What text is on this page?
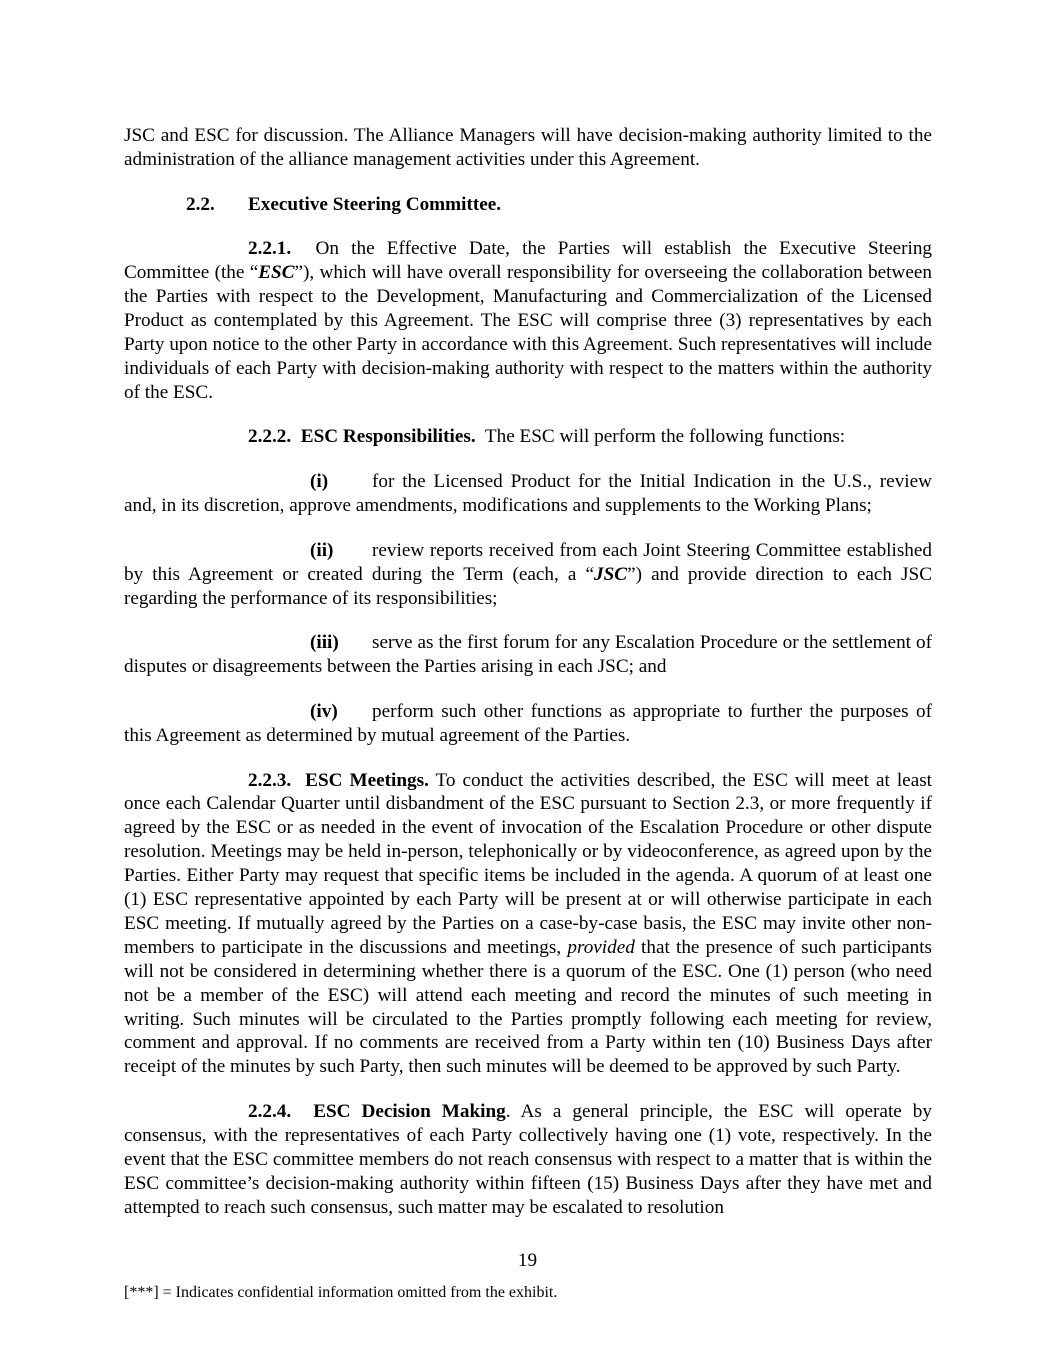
JSC and ESC for discussion. The Alliance Managers will have decision-making authority limited to the administration of the alliance management activities under this Agreement.

2.2. Executive Steering Committee.

2.2.1. On the Effective Date, the Parties will establish the Executive Steering Committee (the “ESC”), which will have overall responsibility for overseeing the collaboration between the Parties with respect to the Development, Manufacturing and Commercialization of the Licensed Product as contemplated by this Agreement. The ESC will comprise three (3) representatives by each Party upon notice to the other Party in accordance with this Agreement. Such representatives will include individuals of each Party with decision-making authority with respect to the matters within the authority of the ESC.

2.2.2. ESC Responsibilities. The ESC will perform the following functions:

(i) for the Licensed Product for the Initial Indication in the U.S., review and, in its discretion, approve amendments, modifications and supplements to the Working Plans;

(ii) review reports received from each Joint Steering Committee established by this Agreement or created during the Term (each, a “JSC”) and provide direction to each JSC regarding the performance of its responsibilities;

(iii) serve as the first forum for any Escalation Procedure or the settlement of disputes or disagreements between the Parties arising in each JSC; and

(iv) perform such other functions as appropriate to further the purposes of this Agreement as determined by mutual agreement of the Parties.

2.2.3. ESC Meetings. To conduct the activities described, the ESC will meet at least once each Calendar Quarter until disbandment of the ESC pursuant to Section 2.3, or more frequently if agreed by the ESC or as needed in the event of invocation of the Escalation Procedure or other dispute resolution. Meetings may be held in-person, telephonically or by videoconference, as agreed upon by the Parties. Either Party may request that specific items be included in the agenda. A quorum of at least one (1) ESC representative appointed by each Party will be present at or will otherwise participate in each ESC meeting. If mutually agreed by the Parties on a case-by-case basis, the ESC may invite other non-members to participate in the discussions and meetings, provided that the presence of such participants will not be considered in determining whether there is a quorum of the ESC. One (1) person (who need not be a member of the ESC) will attend each meeting and record the minutes of such meeting in writing. Such minutes will be circulated to the Parties promptly following each meeting for review, comment and approval. If no comments are received from a Party within ten (10) Business Days after receipt of the minutes by such Party, then such minutes will be deemed to be approved by such Party.

2.2.4. ESC Decision Making. As a general principle, the ESC will operate by consensus, with the representatives of each Party collectively having one (1) vote, respectively. In the event that the ESC committee members do not reach consensus with respect to a matter that is within the ESC committee’s decision-making authority within fifteen (15) Business Days after they have met and attempted to reach such consensus, such matter may be escalated to resolution

19
[***] = Indicates confidential information omitted from the exhibit.
